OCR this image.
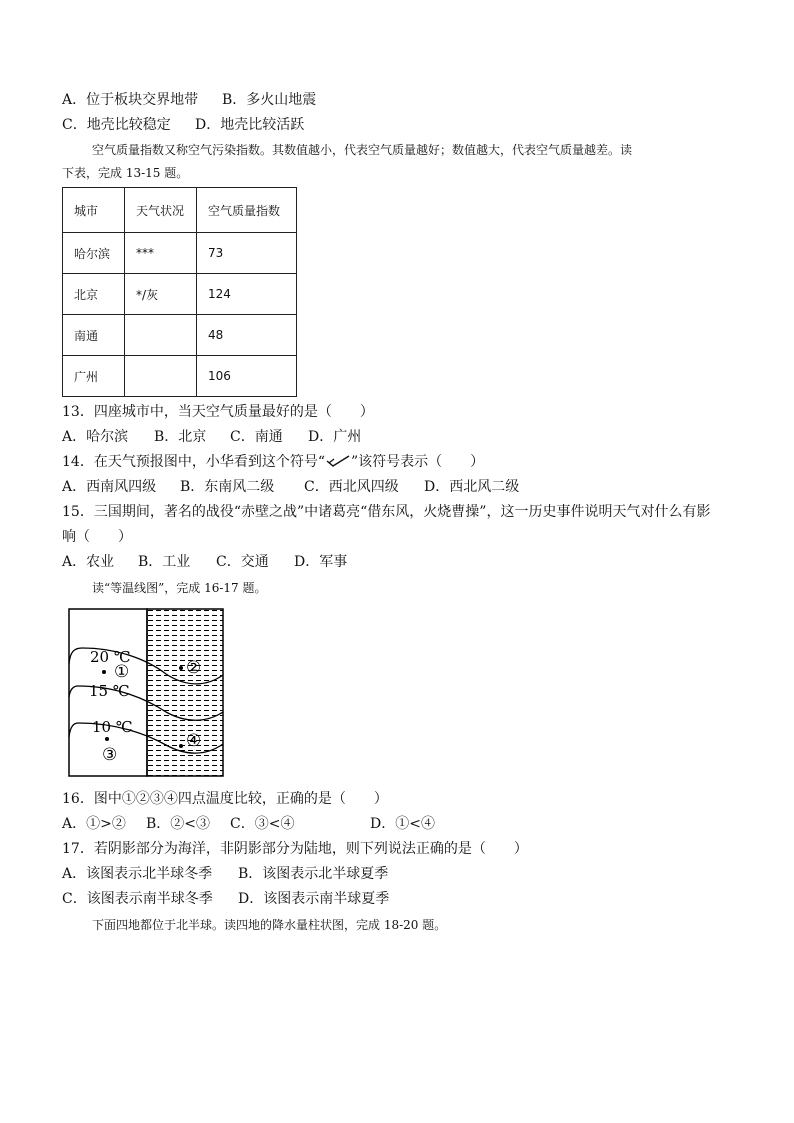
A．位于板块交界地带 B．多火山地震
C．地壳比较稳定 D．地壳比较活跃
空气质量指数又称空气污染指数。其数值越小，代表空气质量越好；数值越大，代表空气质量越差。读
下表，完成 13-15 题。
城市	天气状况	空气质量指数
哈尔滨	***	73
北京	*/灰	124
南通		48
广州		106
13．四座城市中，当天空气质量最好的是（　　）
A．哈尔滨 B．北京 C．南通 D．广州
14．在天气预报图中，小华看到这个符号“ ”该符号表示（　　）
A．西南风四级 B．东南风二级 C．西北风四级 D．西北风二级
15．三国期间，著名的战役“赤壁之战”中诸葛亮“借东风，火烧曹操”，这一历史事件说明天气对什么有影
响（　　）
A．农业 B．工业 C．交通 D．军事
读“等温线图”，完成 16-17 题。
20 ℃
15 ℃
10 ℃
①	②
③
④
16．图中①②③④四点温度比较，正确的是（　　）
A．①>② B．②<③ C．③<④	D．①<④
17．若阴影部分为海洋，非阴影部分为陆地，则下列说法正确的是（　　）
A．该图表示北半球冬季 B．该图表示北半球夏季
C．该图表示南半球冬季 D．该图表示南半球夏季
下面四地都位于北半球。读四地的降水量柱状图，完成 18-20 题。
